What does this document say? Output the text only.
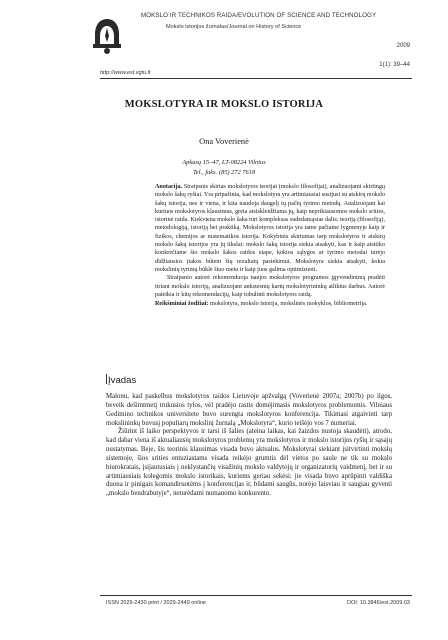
http://www.est.vgtu.lt
MOKSLO IR TECHNIKOS RAIDA/EVOLUTION OF SCIENCE AND TECHNOLOGY
Mokslo istorijos žurnalas/Journal on History of Science
2009
1(1): 39–44
MOKSLOTYRA IR MOKSLO ISTORIJA
Ona Voverienė
Apkasų 15–47, LT-08224 Vilnius
Tel., faks. (85) 272 7618

Anotacija. Straipsnis skirtas mokslotyros teorijai (mokslo filosofijai), analizuojami skirtingų mokslo šakų ryšiai. Yra pripažinta, kad mokslotyra yra artimiausiai susijusi su atskirų mokslo šakų istorija, nes ir viena, ir kita naudoja daugelį tų pačių tyrimo metodų. Analizuojant kai kuriuos mokslotyros klausimus, greta atsiskleidžiama jų, kaip neprikiausomos mokslo srities, istorinė raida. Kiekviena mokslo šaka turi kompleksas sudedamąsias dalis: teoriją (filosofiją), metodologiją, istoriją bei praktiką. Mokslotyros istorija yra tame pačiame lygmenyje kaip ir fizikos, chemijos ar matematikos istorija. Kokybinis skirtumas tarp mokslotyros ir atskirų mokslo šakų istorijos yra jų tikslai: mokslo šakų istorija siekia atsakyti, kas ir kaip atsitiko konkrečiame šio mokslo šakos raidos etape, kokios sąlygos ar tyrimo metodai turėjo didžiausios įtakos bûtent šių rezultatų pasiekimui. Mokslotyra siekia atsakyti, kokia mokslinių tyrimų būklė šiuo metu ir kaip juos galima optimizuoti.

Straipsnio autorė rekomenduoja naujos mokslotyros programos įgyvendinimą pradėti tiriant mokslo istoriją, analizuojant ankstesnių kartų mokslotyrininkų atliktus darbus. Autorė pateikia ir kitų rekomendacijų, kaip tobulinti mokslotyros raidą.

Reikšminiai žodžiai: mokslotyra, mokslo istorija, mokslinės mokyklos, bibliometrija.

Įvadas

Malonu, kad paskelbus mokslotyros raidos Lietuvoje apžvalgą (Voverienė 2007a; 2007b) po ilgos, beveik dešimtmetį trukusios tylos, vėl pradėjo rastis domėjimasis mokslotyros problemomis. Vilniaus Gedimino technikos universitete buvo surengta mokslotyros konferencija. Tikimasi atgaivinti tarp mokslininkų buvusį populiarų mokslinį žurnalą „Mokslotyra“, kurio teišėjo vos 7 numeriai.

Žiūrint iš laiko perspektyvos ir tarsi iš šalies (ateina laikas, kai žaizdos nustoja skaudėti), atrodo, kad dabar viena iš aktualiausių mokslotyros problemų yra mokslotyros ir mokslo istorijos ryšių ir sąsajų nustatymas. Beje, šis teorinis klausimas visada buvo aktualus. Mokslotyrai siekiant įsitvirtinti mokslų sistemoje, šios srities entuziastams visada reikėjo grumtis dėl vietos po saule ne tik su mokslo biurokratais, įsijautusiais į neklystančių visažinių mokslo valdytojų ir organizatorių vaidmenį, bet ir su artimiausiais kolegomis mokslo istorikais, kuriems geriau sekėsi: jie visada buvo aprūpinti valdiška duona ir pinigais komandiruotėms į konferencijas ir, būdami saugūs, norėjo laisviau ir saugiau gyventi „mokslo bendrabutyje“, neturėdami numanomo konkurento.

ISSN 2029-2430 print / 2029-2449 online	DOI: 10.3846/est.2009.03
